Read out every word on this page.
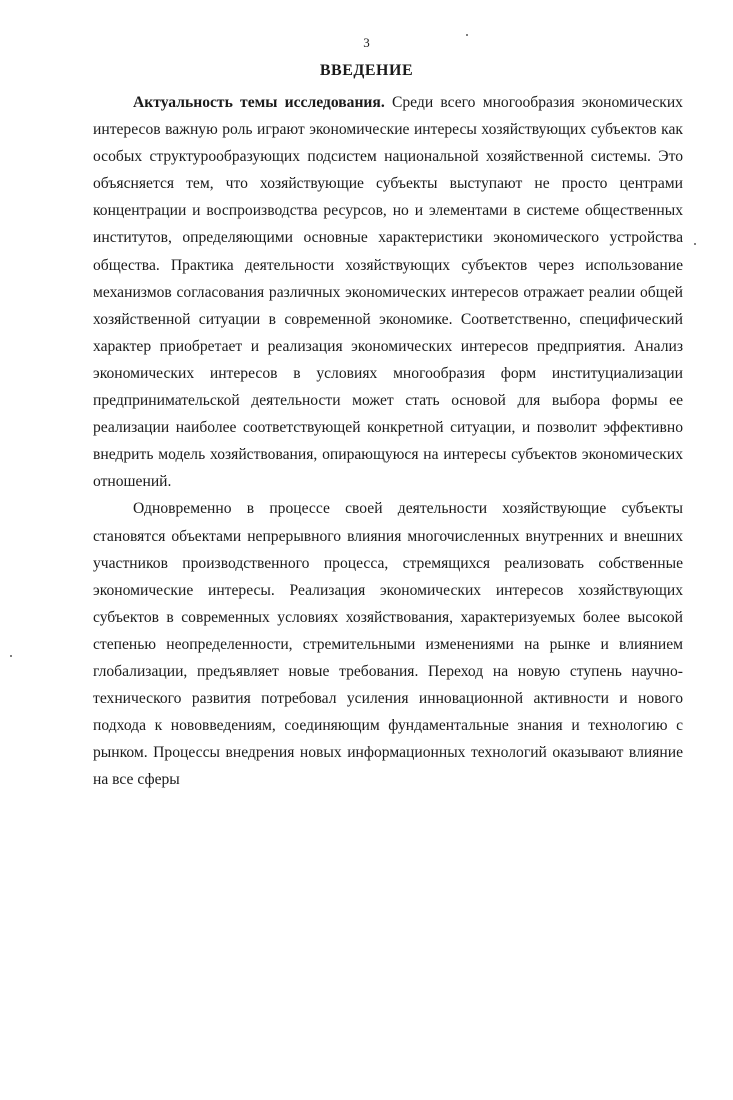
3
ВВЕДЕНИЕ

Актуальность темы исследования. Среди всего многообразия экономических интересов важную роль играют экономические интересы хозяйствующих субъектов как особых структурообразующих подсистем национальной хозяйственной системы. Это объясняется тем, что хозяйствующие субъекты выступают не просто центрами концентрации и воспроизводства ресурсов, но и элементами в системе общественных институтов, определяющими основные характеристики экономического устройства общества. Практика деятельности хозяйствующих субъектов через использование механизмов согласования различных экономических интересов отражает реалии общей хозяйственной ситуации в современной экономике. Соответственно, специфический характер приобретает и реализация экономических интересов предприятия. Анализ экономических интересов в условиях многообразия форм институциализации предпринимательской деятельности может стать основой для выбора формы ее реализации наиболее соответствующей конкретной ситуации, и позволит эффективно внедрить модель хозяйствования, опирающуюся на интересы субъектов экономических отношений.

Одновременно в процессе своей деятельности хозяйствующие субъекты становятся объектами непрерывного влияния многочисленных внутренних и внешних участников производственного процесса, стремящихся реализовать собственные экономические интересы. Реализация экономических интересов хозяйствующих субъектов в современных условиях хозяйствования, характеризуемых более высокой степенью неопределенности, стремительными изменениями на рынке и влиянием глобализации, предъявляет новые требования. Переход на новую ступень научно-технического развития потребовал усиления инновационной активности и нового подхода к нововведениям, соединяющим фундаментальные знания и технологию с рынком. Процессы внедрения новых информационных технологий оказывают влияние на все сферы
